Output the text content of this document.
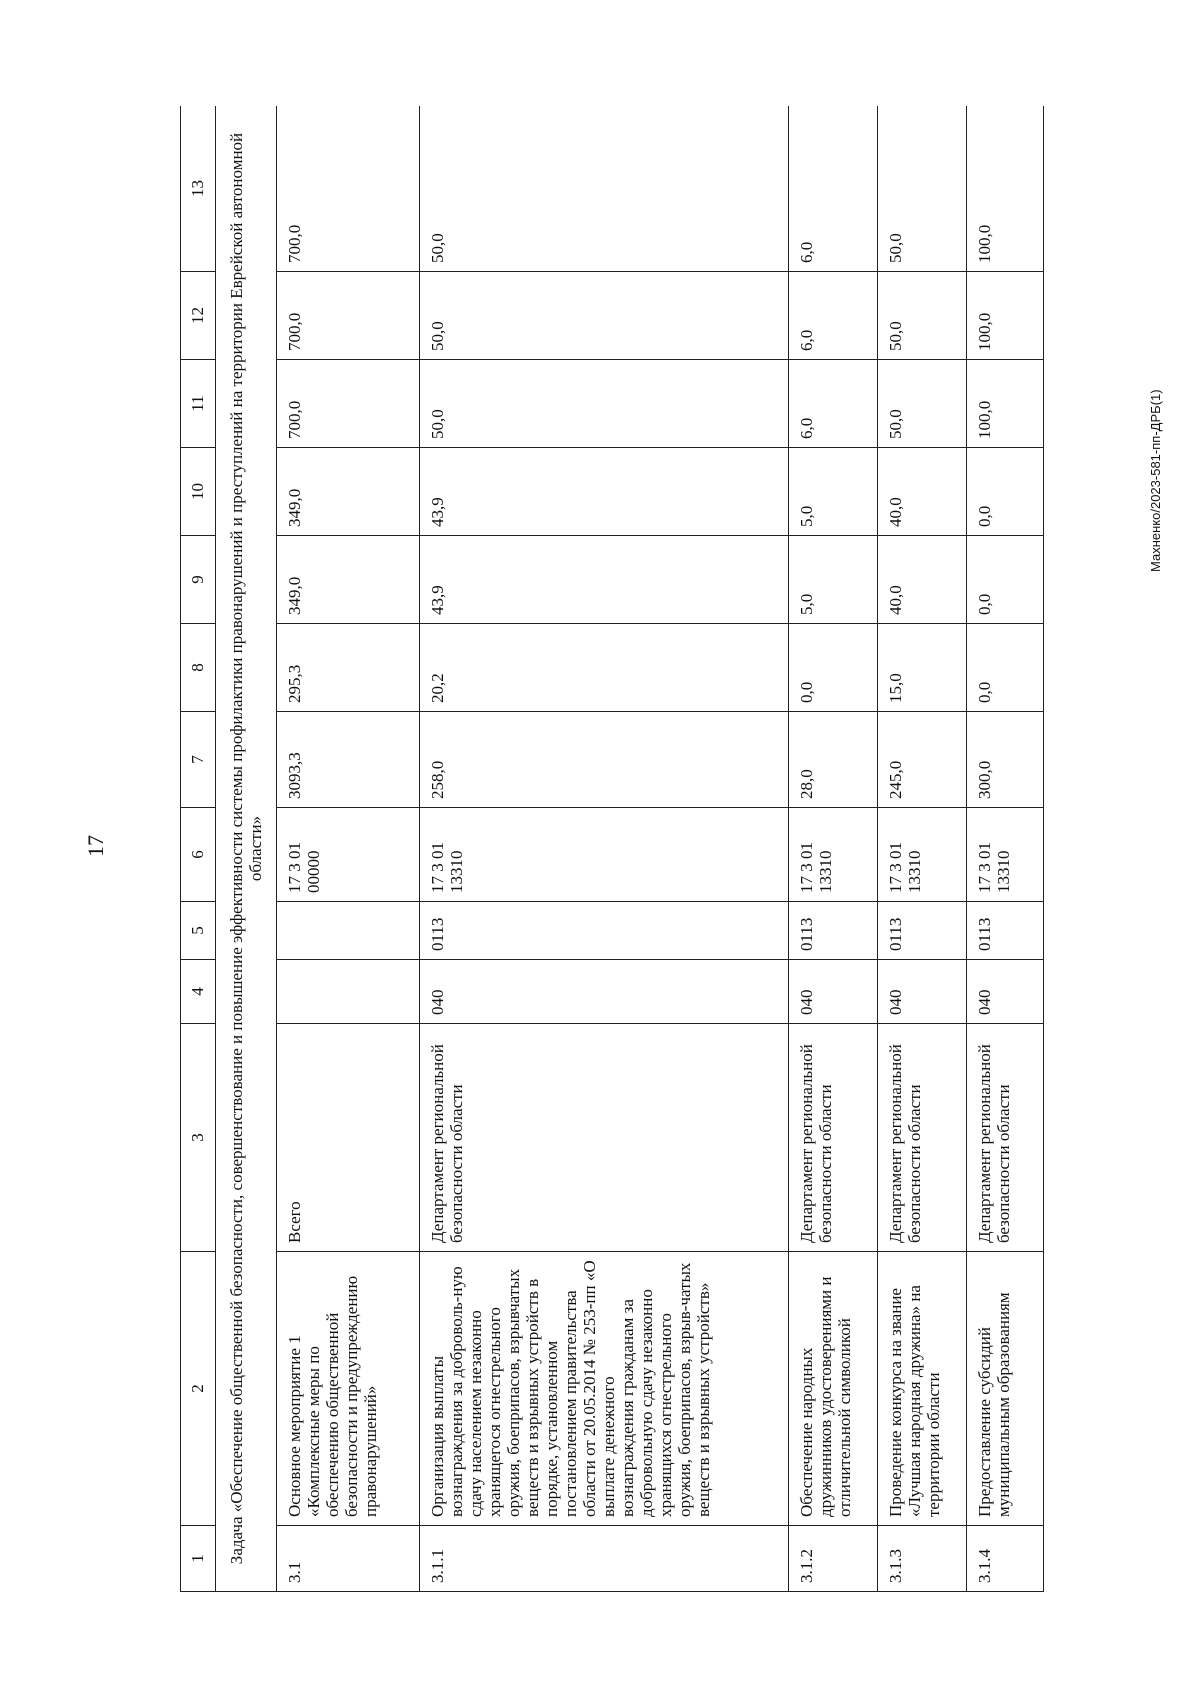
17
Махненко/2023-581-пп-ДРБ(1)
1	2	3	4	5	6	7	8	9	10	11	12	13
Задача «Обеспечение общественной безопасности, совершенствование и повышение эффективности системы профилактики правонарушений и преступлений на территории Еврейской автономной области»												
3.1	Основное мероприятие 1 «Комплексные меры по обеспечению общественной безопасности и предупреждению правонарушений»	Всего			17 3 01 00000	3093,3	295,3	349,0	349,0	700,0	700,0	700,0
3.1.1	Организация выплаты вознаграждения за доброволь-ную сдачу населением незаконно хранящегося огнестрельного оружия, боеприпасов, взрывчатых веществ и взрывных устройств в порядке, установленном постановлением правительства области от 20.05.2014 № 253-пп «О выплате денежного вознаграждения гражданам за добровольную сдачу незаконно хранящихся огнестрельного оружия, боеприпасов, взрыв-чатых веществ и взрывных устройств»	Департамент региональной безопасности области	040	0113	17 3 01 13310	258,0	20,2	43,9	43,9	50,0	50,0	50,0
3.1.2	Обеспечение народных дружинников удостоверениями и отличительной символикой	Департамент региональной безопасности области	040	0113	17 3 01 13310	28,0	0,0	5,0	5,0	6,0	6,0	6,0
3.1.3	Проведение конкурса на звание «Лучшая народная дружина» на территории области	Департамент региональной безопасности области	040	0113	17 3 01 13310	245,0	15,0	40,0	40,0	50,0	50,0	50,0
3.1.4	Предоставление субсидий муниципальным образованиям	Департамент региональной безопасности области	040	0113	17 3 01 13310	300,0	0,0	0,0	0,0	100,0	100,0	100,0
